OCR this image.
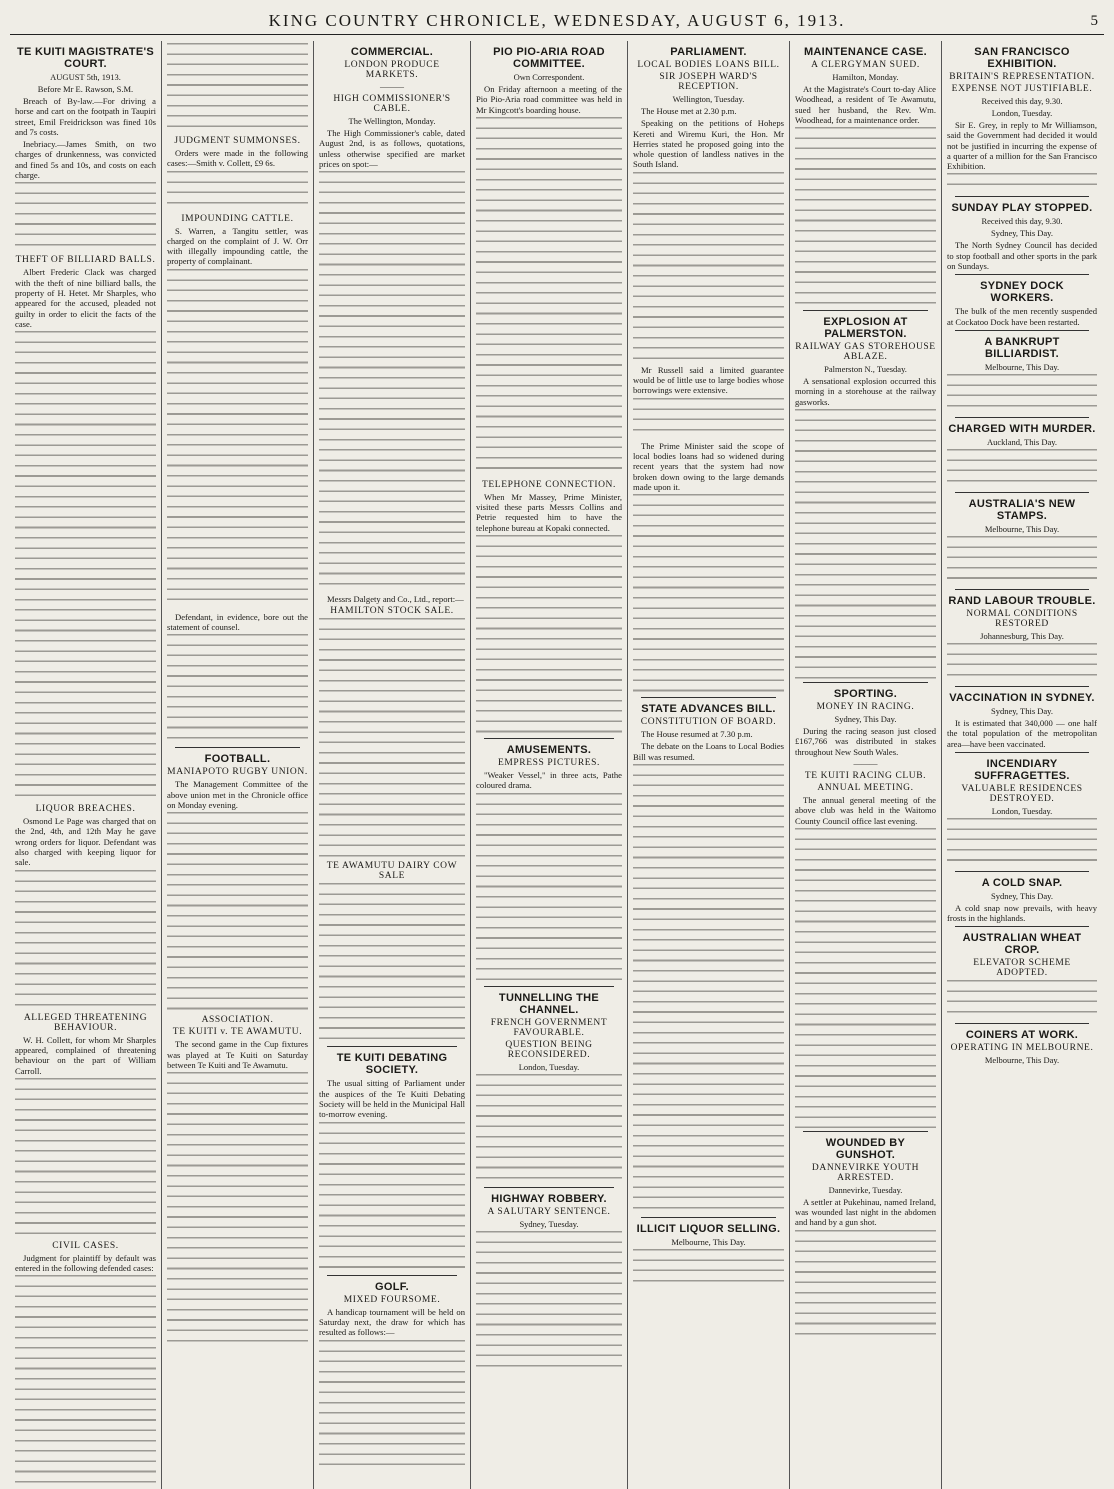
KING COUNTRY CHRONICLE, WEDNESDAY, AUGUST 6, 1913.	5
TE KUITI MAGISTRATE'S COURT.
AUGUST 5th, 1913.
Before Mr E. Rawson, S.M.

Breach of By-law.—For driving a horse and cart on the footpath in Taupiri street, Emil Freidrickson was fined 10s and 7s costs.

Inebriacy.—James Smith, on two charges of drunkenness, was convicted and fined 5s and 10s, and costs on each charge.

THEFT OF BILLIARD BALLS.

Albert Frederic Clack was charged with the theft of nine billiard balls, the property of H. Hetet. Mr Sharples, who appeared for the accused, pleaded not guilty in order to elicit the facts of the case.

LIQUOR BREACHES.

Osmond Le Page was charged that on the 2nd, 4th, and 12th May he gave wrong orders for liquor. Defendant was also charged with keeping liquor for sale.

ALLEGED THREATENING BEHAVIOUR.

W. H. Collett, for whom Mr Sharples appeared, complained of threatening behaviour on the part of William Carroll.

CIVIL CASES.

Judgment for plaintiff by default was entered in the following defended cases:

JUDGMENT SUMMONSES.

Orders were made in the following cases:—Smith v. Collett, £9 6s.

IMPOUNDING CATTLE.

S. Warren, a Tangitu settler, was charged on the complaint of J. W. Orr with illegally impounding cattle, the property of complainant.

Defendant, in evidence, bore out the statement of counsel.

FOOTBALL.
MANIAPOTO RUGBY UNION.

The Management Committee of the above union met in the Chronicle office on Monday evening.

ASSOCIATION.
TE KUITI v. TE AWAMUTU.

The second game in the Cup fixtures was played at Te Kuiti on Saturday between Te Kuiti and Te Awamutu.

COMMERCIAL.
LONDON PRODUCE MARKETS.
———
HIGH COMMISSIONER'S CABLE.
The Wellington, Monday.

The High Commissioner's cable, dated August 2nd, is as follows, quotations, unless otherwise specified are market prices on spot:—

Messrs Dalgety and Co., Ltd., report:—

HAMILTON STOCK SALE.
TE AWAMUTU DAIRY COW SALE
TE KUITI DEBATING SOCIETY.

The usual sitting of Parliament under the auspices of the Te Kuiti Debating Society will be held in the Municipal Hall to-morrow evening.

GOLF.
MIXED FOURSOME.

A handicap tournament will be held on Saturday next, the draw for which has resulted as follows:—

PIO PIO-ARIA ROAD COMMITTEE.
Own Correspondent.

On Friday afternoon a meeting of the Pio Pio-Aria road committee was held in Mr Kingcott's boarding house.

TELEPHONE CONNECTION.

When Mr Massey, Prime Minister, visited these parts Messrs Collins and Petrie requested him to have the telephone bureau at Kopaki connected.

AMUSEMENTS.
EMPRESS PICTURES.

"Weaker Vessel," in three acts, Pathe coloured drama.

TUNNELLING THE CHANNEL.
FRENCH GOVERNMENT FAVOURABLE.
QUESTION BEING RECONSIDERED.
London, Tuesday.
HIGHWAY ROBBERY.
A SALUTARY SENTENCE.
Sydney, Tuesday.
PARLIAMENT.
LOCAL BODIES LOANS BILL.
SIR JOSEPH WARD'S RECEPTION.
Wellington, Tuesday.

The House met at 2.30 p.m.

Speaking on the petitions of Hoheps Kereti and Wiremu Kuri, the Hon. Mr Herries stated he proposed going into the whole question of landless natives in the South Island.

Mr Russell said a limited guarantee would be of little use to large bodies whose borrowings were extensive.

The Prime Minister said the scope of local bodies loans had so widened during recent years that the system had now broken down owing to the large demands made upon it.

STATE ADVANCES BILL.
CONSTITUTION OF BOARD.

The House resumed at 7.30 p.m.

The debate on the Loans to Local Bodies Bill was resumed.

ILLICIT LIQUOR SELLING.
Melbourne, This Day.
MAINTENANCE CASE.
A CLERGYMAN SUED.
Hamilton, Monday.

At the Magistrate's Court to-day Alice Woodhead, a resident of Te Awamutu, sued her husband, the Rev. Wm. Woodhead, for a maintenance order.

EXPLOSION AT PALMERSTON.
RAILWAY GAS STOREHOUSE ABLAZE.
Palmerston N., Tuesday.

A sensational explosion occurred this morning in a storehouse at the railway gasworks.

SPORTING.
MONEY IN RACING.
Sydney, This Day.

During the racing season just closed £167,766 was distributed in stakes throughout New South Wales.

———
TE KUITI RACING CLUB.
ANNUAL MEETING.

The annual general meeting of the above club was held in the Waitomo County Council office last evening.

WOUNDED BY GUNSHOT.
DANNEVIRKE YOUTH ARRESTED.
Dannevirke, Tuesday.

A settler at Pukehinau, named Ireland, was wounded last night in the abdomen and hand by a gun shot.

SAN FRANCISCO EXHIBITION.
BRITAIN'S REPRESENTATION.
EXPENSE NOT JUSTIFIABLE.
Received this day, 9.30.
London, Tuesday.

Sir E. Grey, in reply to Mr Williamson, said the Government had decided it would not be justified in incurring the expense of a quarter of a million for the San Francisco Exhibition.

SUNDAY PLAY STOPPED.
Received this day, 9.30.
Sydney, This Day.

The North Sydney Council has decided to stop football and other sports in the park on Sundays.

SYDNEY DOCK WORKERS.

The bulk of the men recently suspended at Cockatoo Dock have been restarted.

A BANKRUPT BILLIARDIST.
Melbourne, This Day.
CHARGED WITH MURDER.
Auckland, This Day.
AUSTRALIA'S NEW STAMPS.
Melbourne, This Day.
RAND LABOUR TROUBLE.
NORMAL CONDITIONS RESTORED
Johannesburg, This Day.
VACCINATION IN SYDNEY.
Sydney, This Day.

It is estimated that 340,000 — one half the total population of the metropolitan area—have been vaccinated.

INCENDIARY SUFFRAGETTES.
VALUABLE RESIDENCES DESTROYED.
London, Tuesday.
A COLD SNAP.
Sydney, This Day.

A cold snap now prevails, with heavy frosts in the highlands.

AUSTRALIAN WHEAT CROP.
ELEVATOR SCHEME ADOPTED.
COINERS AT WORK.
OPERATING IN MELBOURNE.
Melbourne, This Day.
